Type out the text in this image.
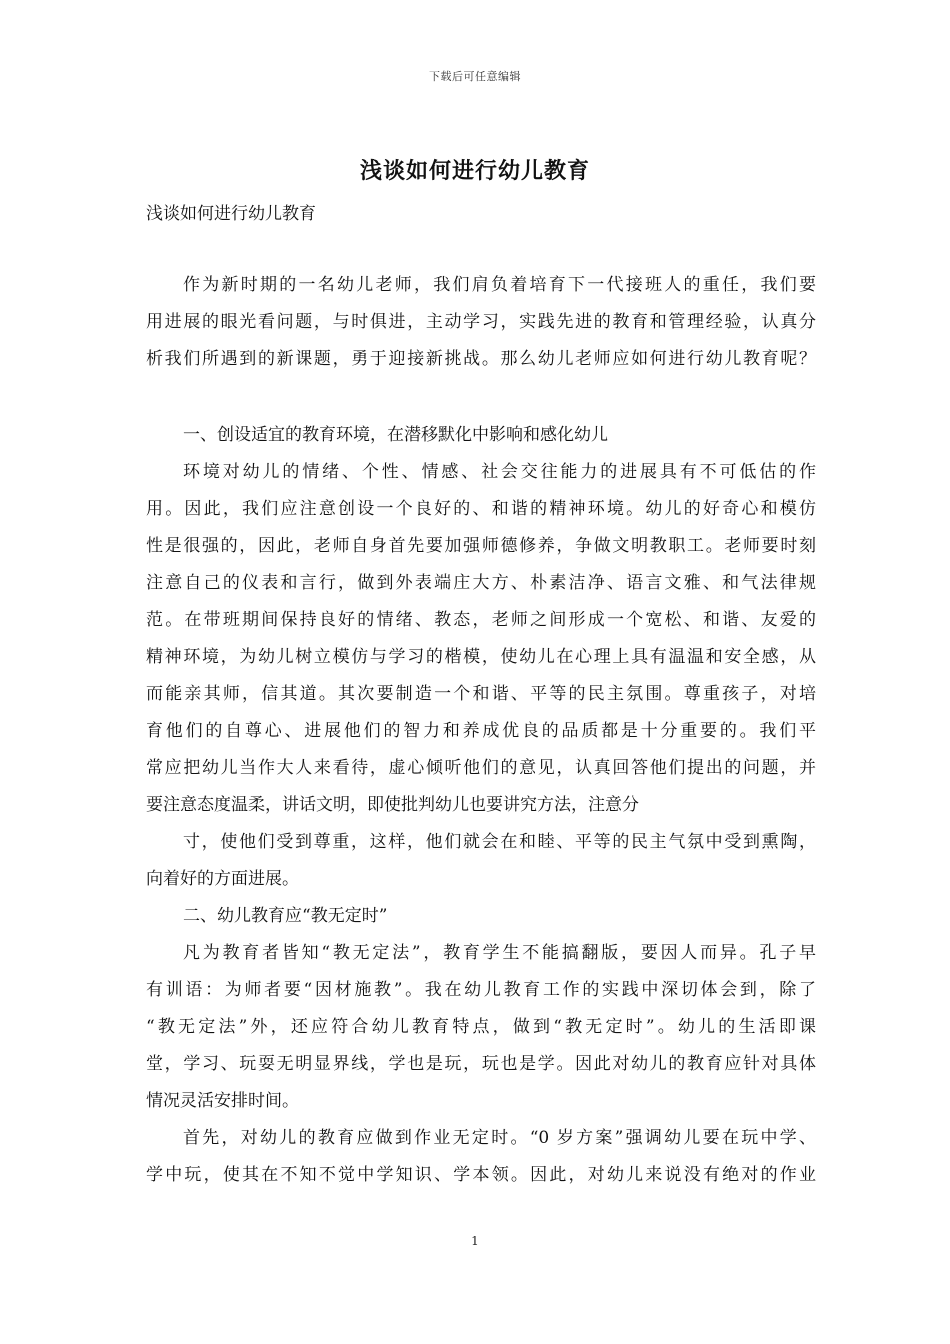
下载后可任意编辑
浅谈如何进行幼儿教育
浅谈如何进行幼儿教育
作为新时期的一名幼儿老师，我们肩负着培育下一代接班人的重任，我们要
用进展的眼光看问题，与时俱进，主动学习，实践先进的教育和管理经验，认真分
析我们所遇到的新课题，勇于迎接新挑战。那么幼儿老师应如何进行幼儿教育呢？
一、创设适宜的教育环境，在潜移默化中影响和感化幼儿
环境对幼儿的情绪、个性、情感、社会交往能力的进展具有不可低估的作
用。因此，我们应注意创设一个良好的、和谐的精神环境。幼儿的好奇心和模仿
性是很强的，因此，老师自身首先要加强师德修养，争做文明教职工。老师要时刻
注意自己的仪表和言行，做到外表端庄大方、朴素洁净、语言文雅、和气法律规
范。在带班期间保持良好的情绪、教态，老师之间形成一个宽松、和谐、友爱的
精神环境，为幼儿树立模仿与学习的楷模，使幼儿在心理上具有温温和安全感，从
而能亲其师，信其道。其次要制造一个和谐、平等的民主氛围。尊重孩子，对培
育他们的自尊心、进展他们的智力和养成优良的品质都是十分重要的。我们平
常应把幼儿当作大人来看待，虚心倾听他们的意见，认真回答他们提出的问题，并
要注意态度温柔，讲话文明，即使批判幼儿也要讲究方法，注意分
寸，使他们受到尊重，这样，他们就会在和睦、平等的民主气氛中受到熏陶，
向着好的方面进展。
二、幼儿教育应“教无定时”
凡为教育者皆知“教无定法”，教育学生不能搞翻版，要因人而异。孔子早
有训语：为师者要“因材施教”。我在幼儿教育工作的实践中深切体会到，除了
“教无定法”外，还应符合幼儿教育特点，做到“教无定时”。幼儿的生活即课
堂，学习、玩耍无明显界线，学也是玩，玩也是学。因此对幼儿的教育应针对具体
情况灵活安排时间。
首先，对幼儿的教育应做到作业无定时。“0 岁方案”强调幼儿要在玩中学、
学中玩，使其在不知不觉中学知识、学本领。因此，对幼儿来说没有绝对的作业
1
